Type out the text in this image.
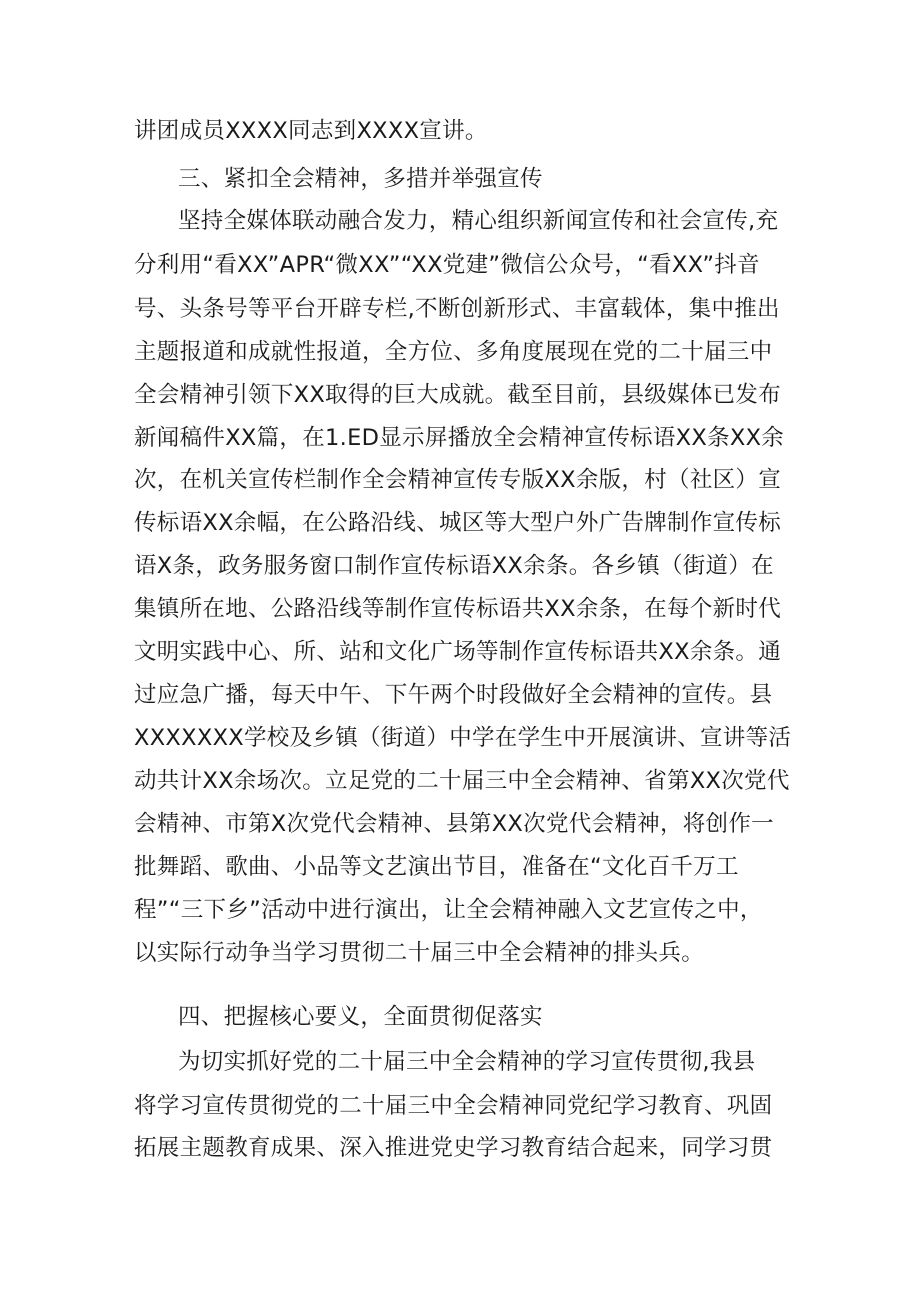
讲团成员XXXX同志到XXXX宣讲。
三、紧扣全会精神，多措并举强宣传
坚持全媒体联动融合发力，精心组织新闻宣传和社会宣传,充
分利用“看XX”APR“微XX”“XX党建”微信公众号，“看XX”抖音
号、头条号等平台开辟专栏,不断创新形式、丰富载体，集中推出
主题报道和成就性报道，全方位、多角度展现在党的二十届三中
全会精神引领下XX取得的巨大成就。截至目前，县级媒体已发布
新闻稿件XX篇，在1.ED显示屏播放全会精神宣传标语XX条XX余
次，在机关宣传栏制作全会精神宣传专版XX余版，村（社区）宣
传标语XX余幅，在公路沿线、城区等大型户外广告牌制作宣传标
语X条，政务服务窗口制作宣传标语XX余条。各乡镇（街道）在
集镇所在地、公路沿线等制作宣传标语共XX余条，在每个新时代
文明实践中心、所、站和文化广场等制作宣传标语共XX余条。通
过应急广播，每天中午、下午两个时段做好全会精神的宣传。县
XXXXXXX学校及乡镇（街道）中学在学生中开展演讲、宣讲等活
动共计XX余场次。立足党的二十届三中全会精神、省第XX次党代
会精神、市第X次党代会精神、县第XX次党代会精神，将创作一
批舞蹈、歌曲、小品等文艺演出节目，准备在“文化百千万工
程”“三下乡”活动中进行演出，让全会精神融入文艺宣传之中，
以实际行动争当学习贯彻二十届三中全会精神的排头兵。
四、把握核心要义，全面贯彻促落实
为切实抓好党的二十届三中全会精神的学习宣传贯彻,我县
将学习宣传贯彻党的二十届三中全会精神同党纪学习教育、巩固
拓展主题教育成果、深入推进党史学习教育结合起来，同学习贯
